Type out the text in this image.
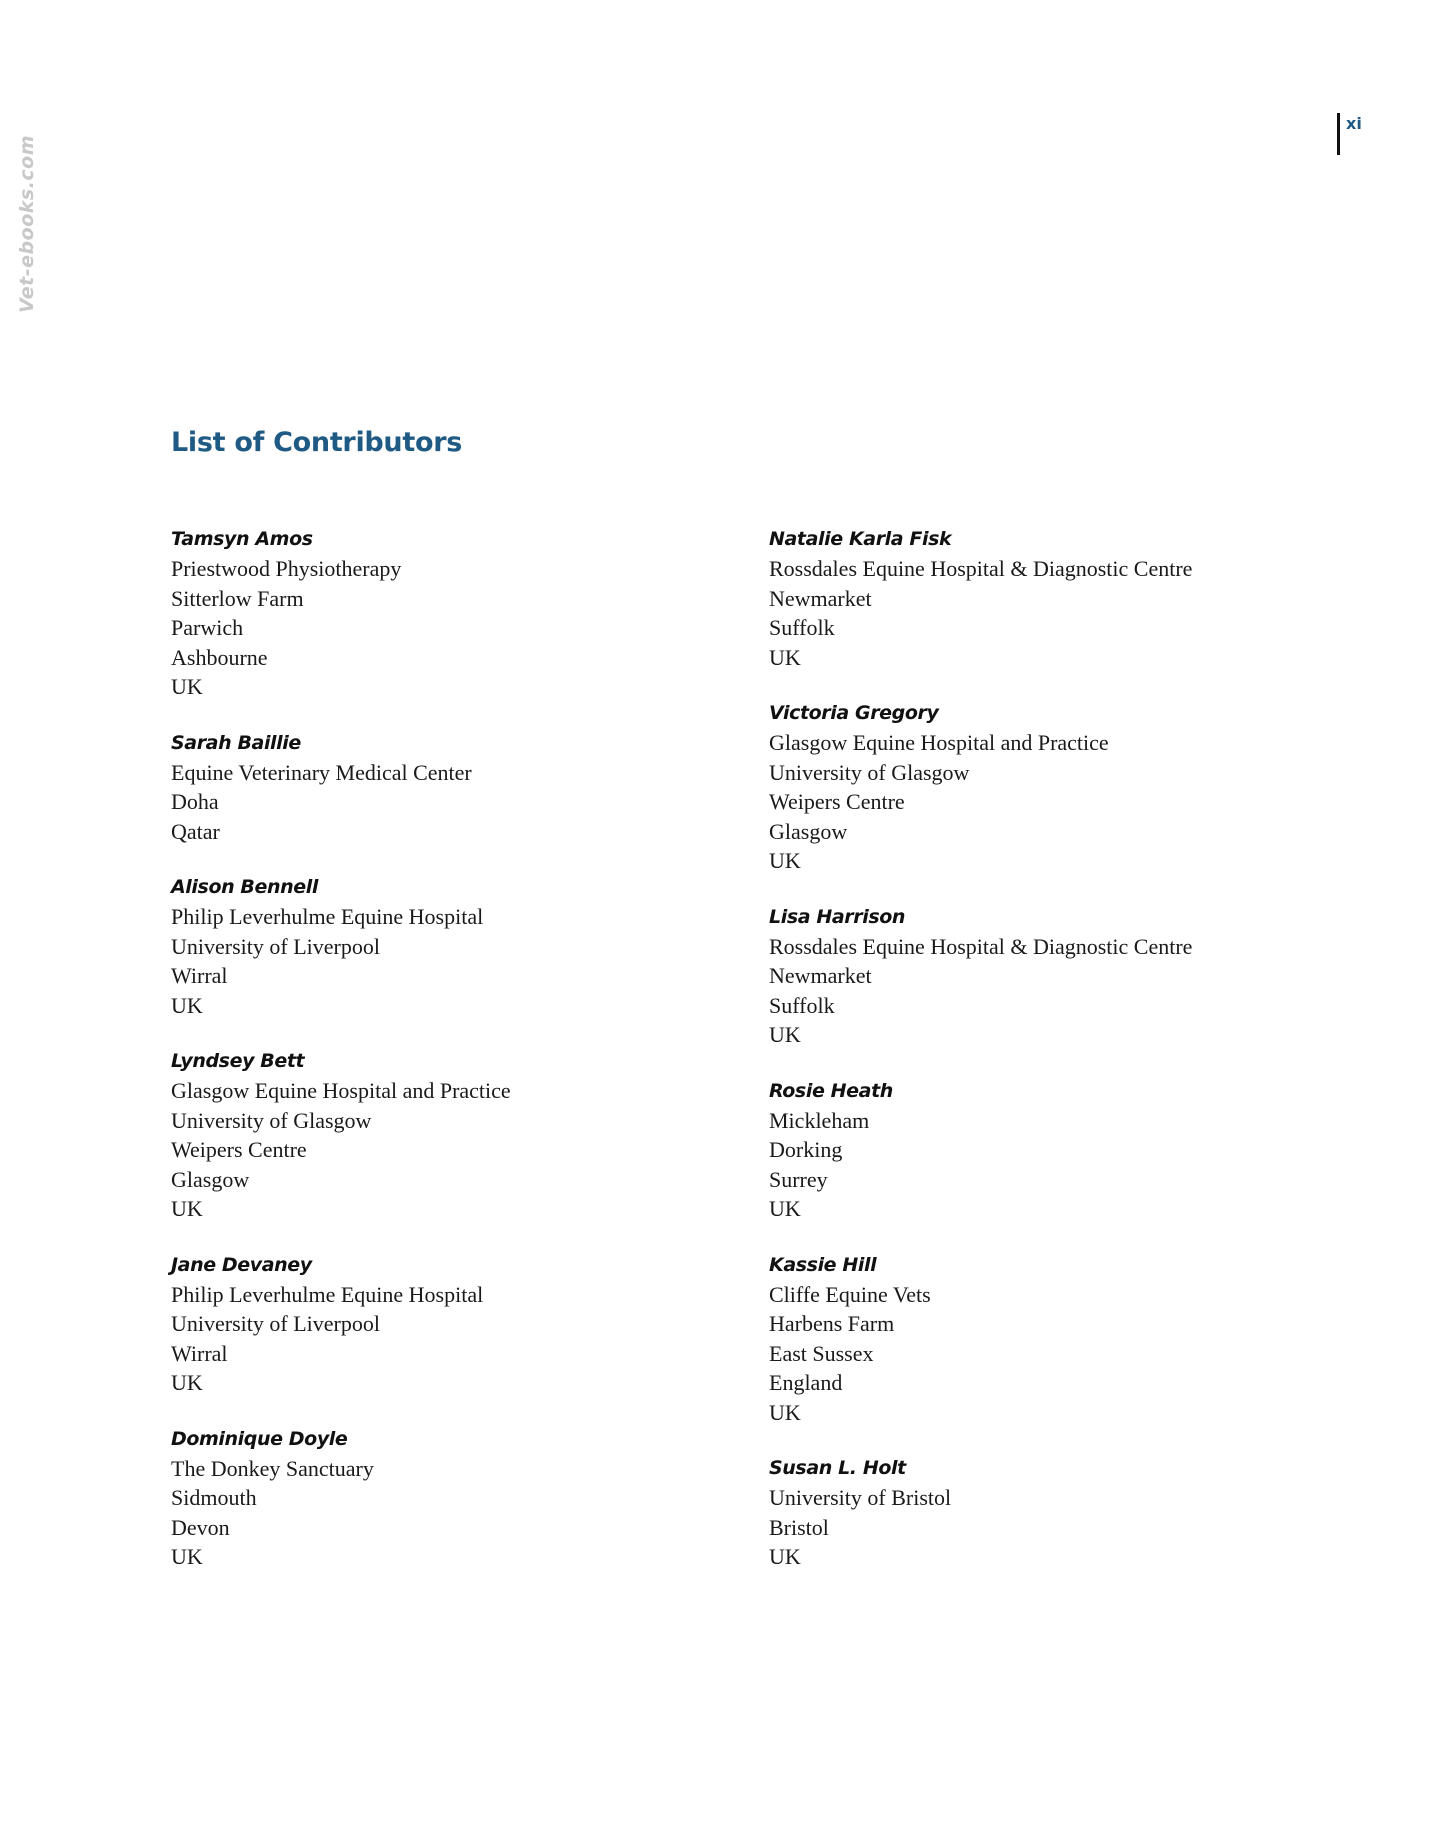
Vet-ebooks.com
xi
List of Contributors
Tamsyn Amos
Priestwood Physiotherapy
Sitterlow Farm
Parwich
Ashbourne
UK
Sarah Baillie
Equine Veterinary Medical Center
Doha
Qatar
Alison Bennell
Philip Leverhulme Equine Hospital
University of Liverpool
Wirral
UK
Lyndsey Bett
Glasgow Equine Hospital and Practice
University of Glasgow
Weipers Centre
Glasgow
UK
Jane Devaney
Philip Leverhulme Equine Hospital
University of Liverpool
Wirral
UK
Dominique Doyle
The Donkey Sanctuary
Sidmouth
Devon
UK
Natalie Karla Fisk
Rossdales Equine Hospital & Diagnostic Centre
Newmarket
Suffolk
UK
Victoria Gregory
Glasgow Equine Hospital and Practice
University of Glasgow
Weipers Centre
Glasgow
UK
Lisa Harrison
Rossdales Equine Hospital & Diagnostic Centre
Newmarket
Suffolk
UK
Rosie Heath
Mickleham
Dorking
Surrey
UK
Kassie Hill
Cliffe Equine Vets
Harbens Farm
East Sussex
England
UK
Susan L. Holt
University of Bristol
Bristol
UK
